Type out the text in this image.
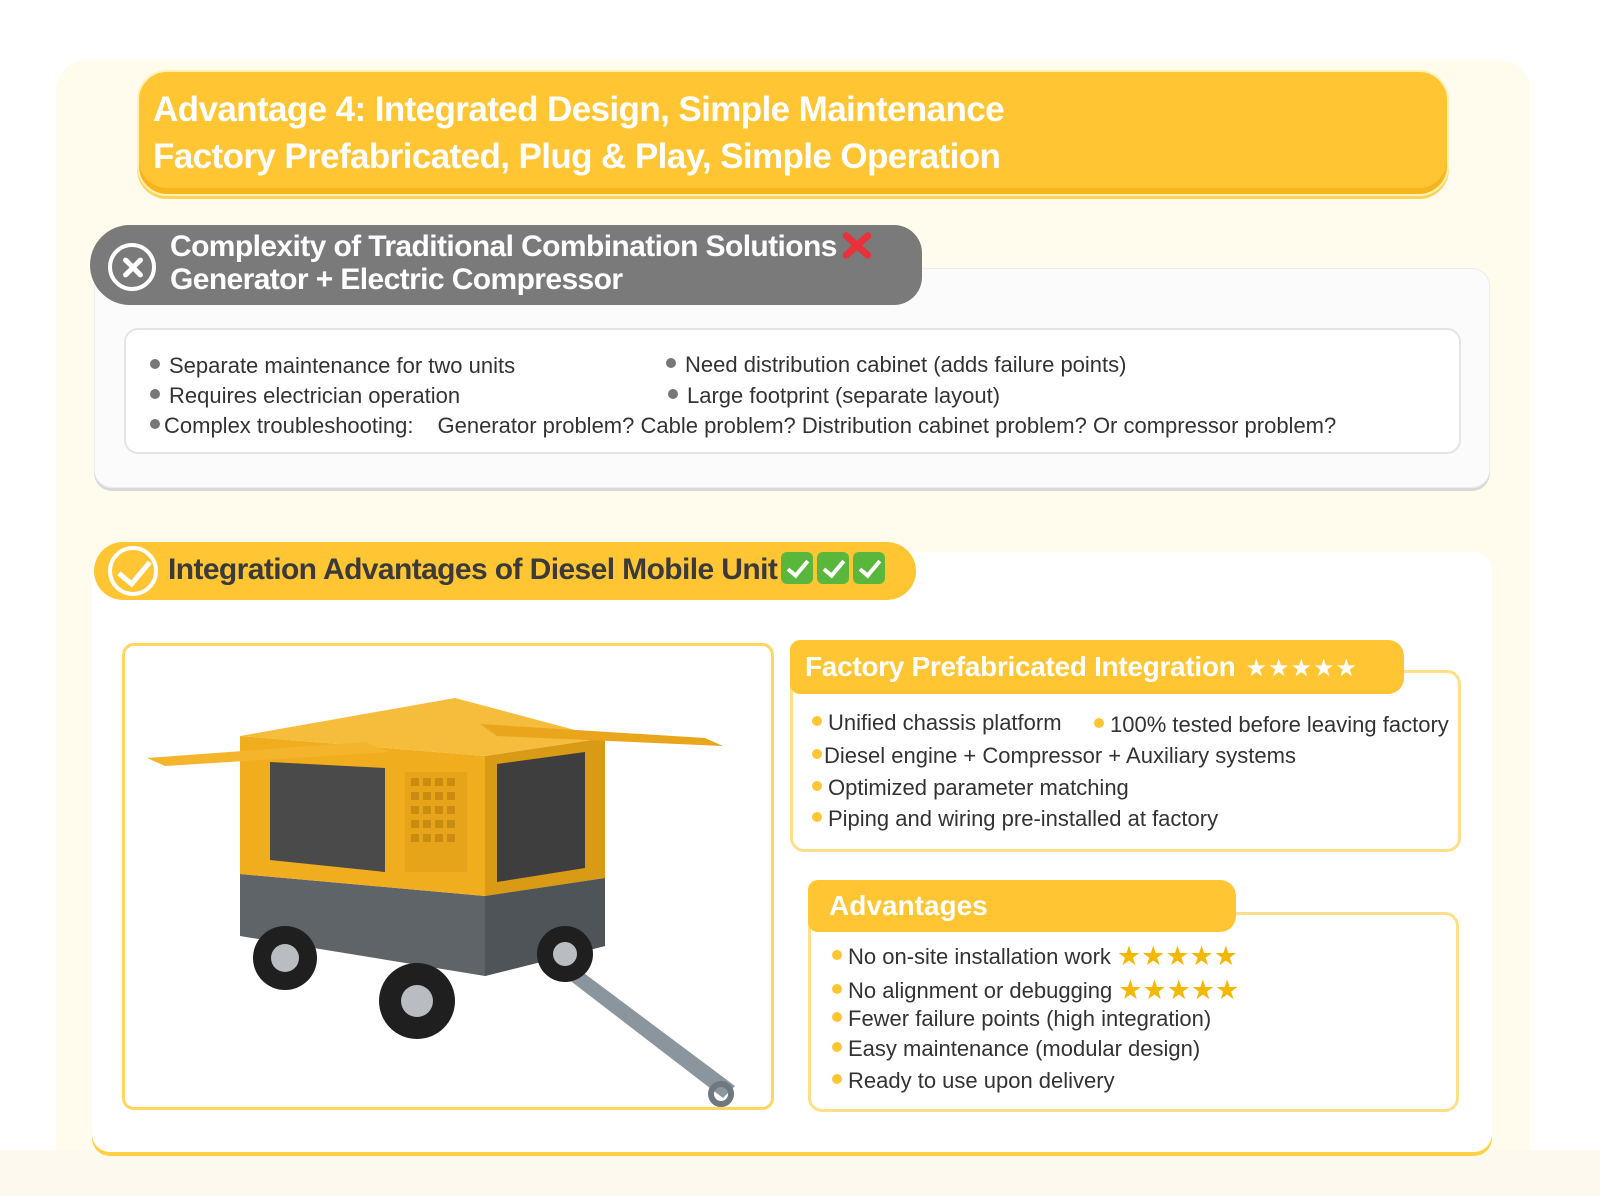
Advantage 4: Integrated Design, Simple Maintenance
Factory Prefabricated, Plug & Play, Simple Operation
Complexity of Traditional Combination Solutions
Generator + Electric Compressor
Separate maintenance for two units	Need distribution cabinet (adds failure points)
Requires electrician operation	Large footprint (separate layout)
Complex troubleshooting: Generator problem? Cable problem? Distribution cabinet problem? Or compressor problem?
Integration Advantages of Diesel Mobile Unit
Factory Prefabricated Integration ★★★★★
Unified chassis platform	100% tested before leaving factory
Diesel engine + Compressor + Auxiliary systems
Optimized parameter matching
Piping and wiring pre-installed at factory
Advantages
No on-site installation work ★★★★★
No alignment or debugging ★★★★★
Fewer failure points (high integration)
Easy maintenance (modular design)
Ready to use upon delivery
